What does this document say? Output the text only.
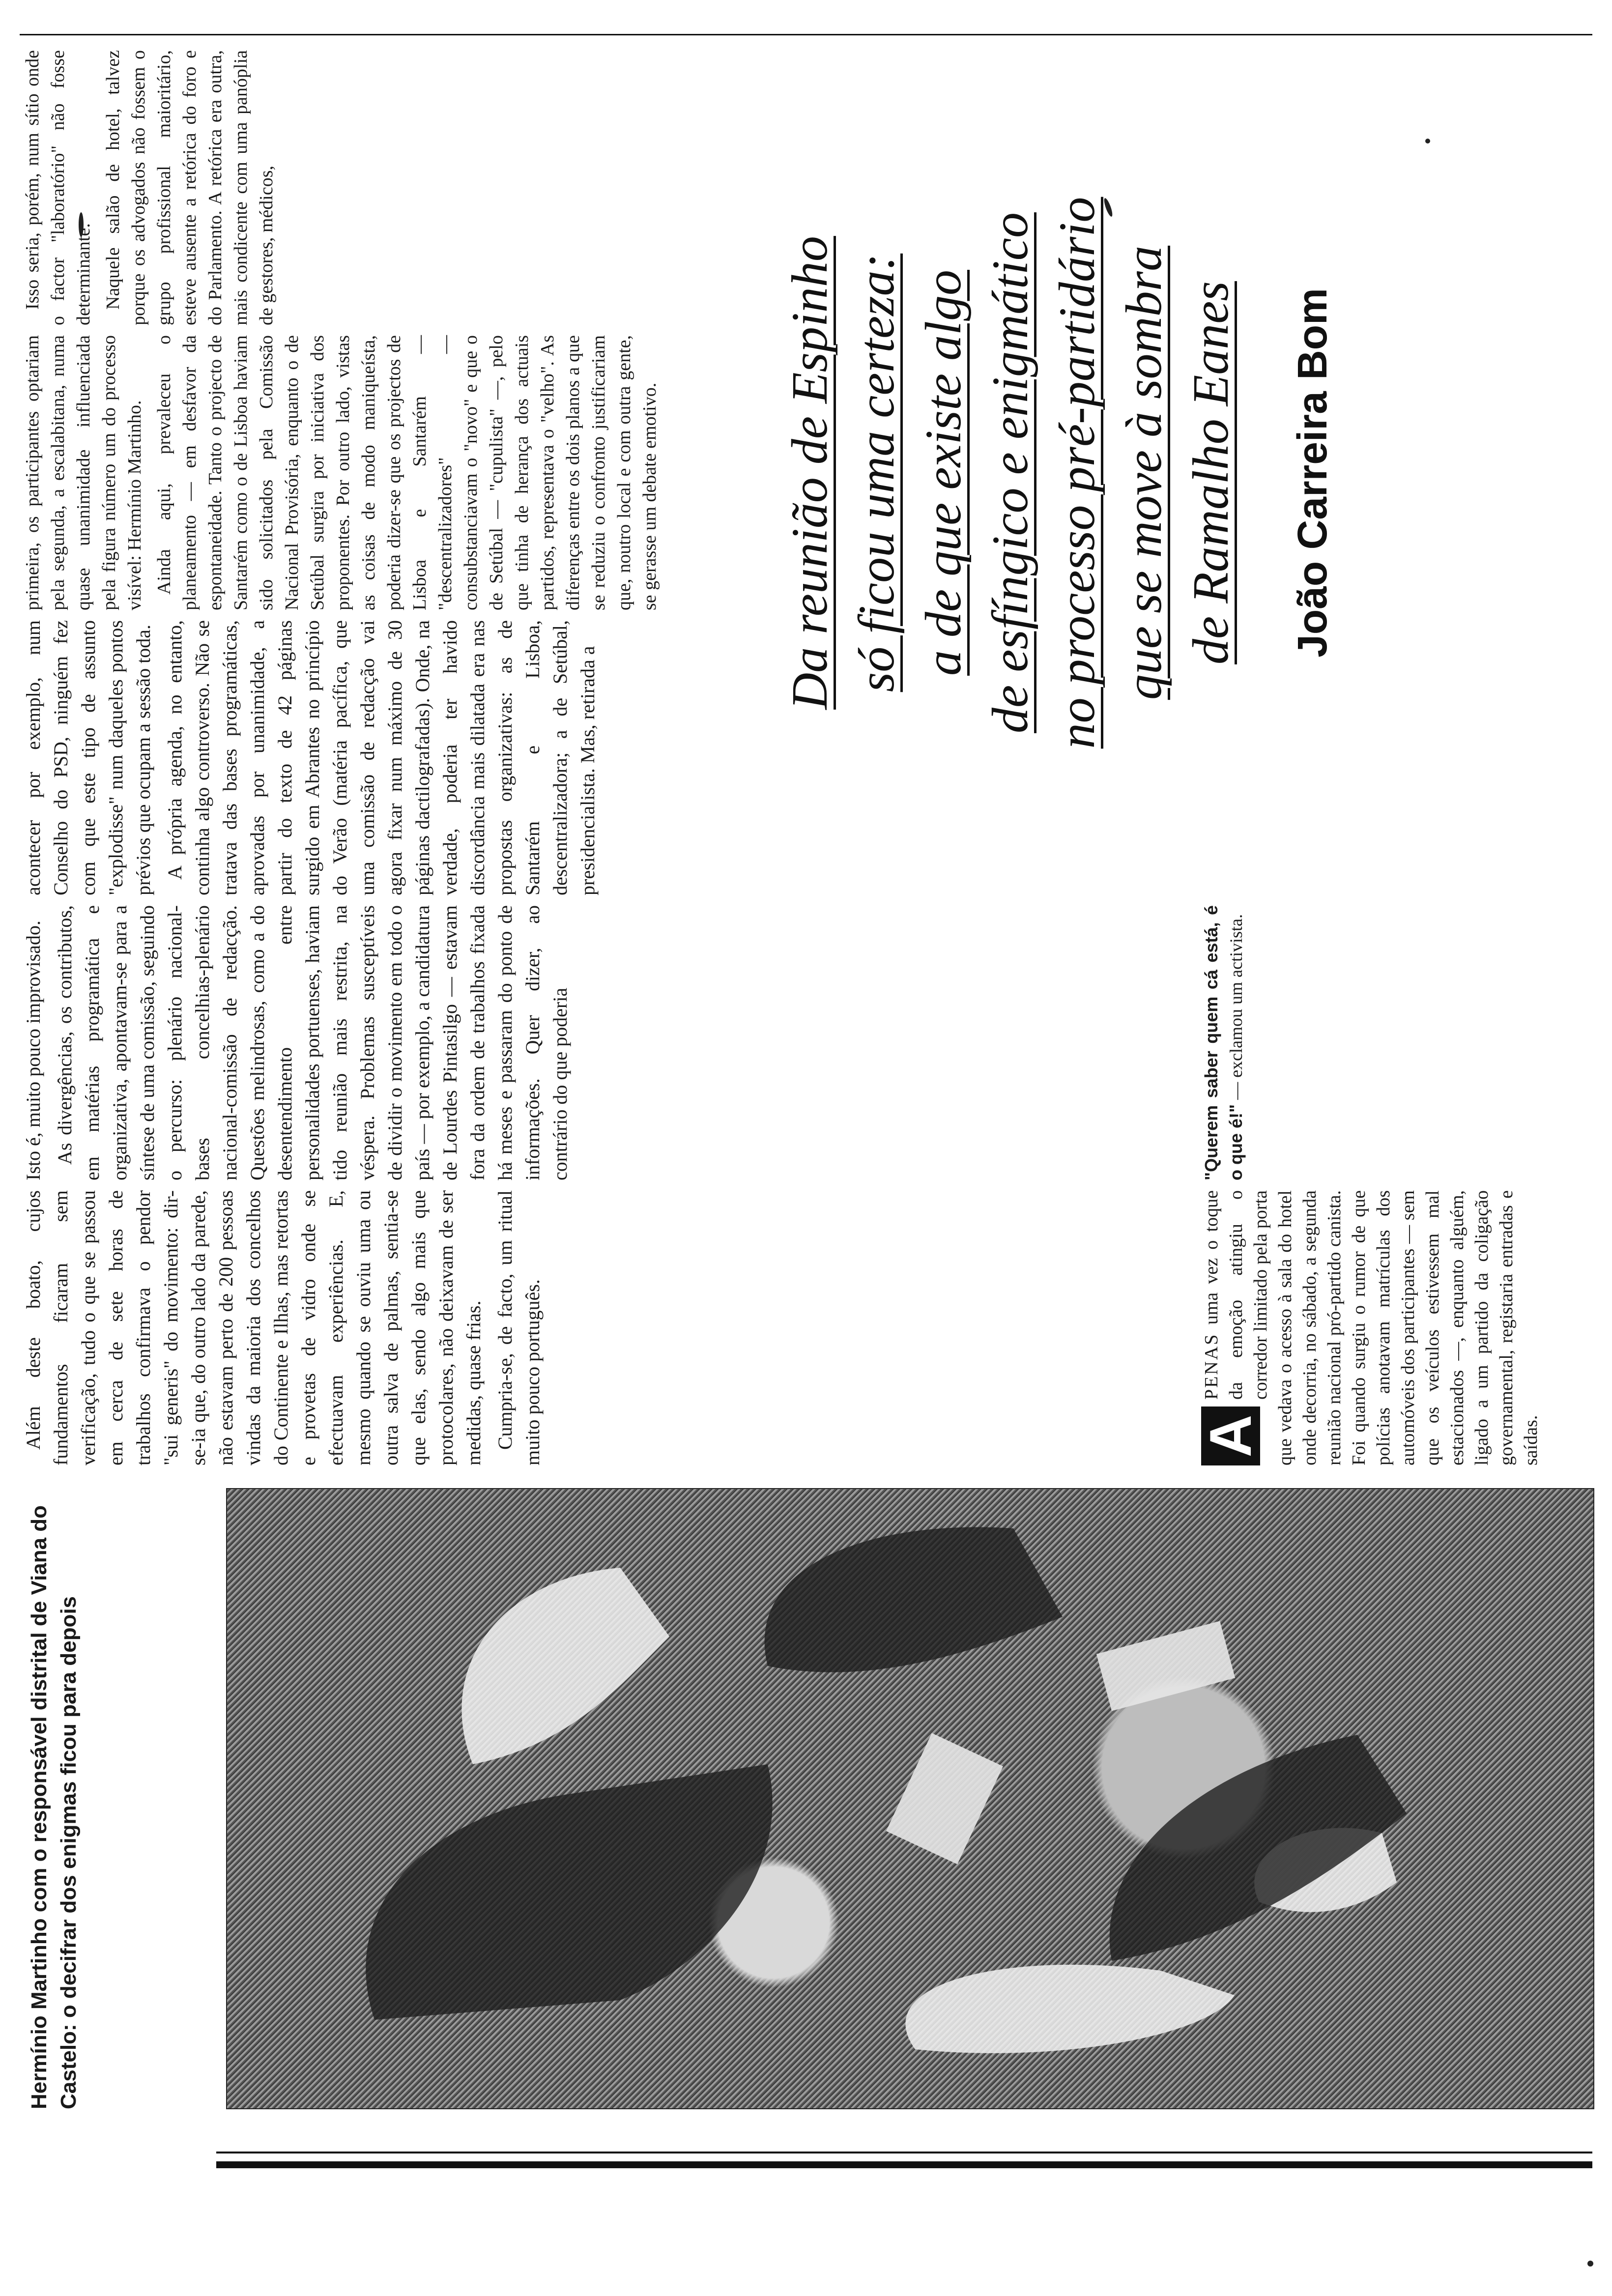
Hermínio Martinho com o responsável distrital de Viana do Castelo: o decifrar dos enigmas ficou para depois

A
PENAS uma vez o toque da emoção atingiu o corredor limitado pela porta que vedava o acesso à sala do hotel onde decorria, no sábado, a segunda reunião nacional pró-partido canista. Foi quando surgiu o rumor de que polícias anotavam matrículas dos automóveis dos participantes — sem que os veículos estivessem mal estacionados —, enquanto alguém, ligado a um partido da coligação governamental, registaria entradas e saídas.

"Querem saber quem cá está, é o que é!" — exclamou um activista.

Além deste boato, cujos fundamentos ficaram sem verificação, tudo o que se passou em cerca de sete horas de trabalhos confirmava o pendor "sui generis" do movimento: dir-se-ia que, do outro lado da parede, não estavam perto de 200 pessoas vindas da maioria dos concelhos do Continente e Ilhas, mas retortas e provetas de vidro onde se efectuavam experiências. E, mesmo quando se ouviu uma ou outra salva de palmas, sentia-se que elas, sendo algo mais que protocolares, não deixavam de ser medidas, quase frias. Cumpria-se, de facto, um ritual muito pouco português.

Isto é, muito pouco improvisado. As divergências, os contributos, em matérias programática e organizativa, apontavam-se para a síntese de uma comissão, seguindo o percurso: plenário nacional-bases concelhias-plenário nacional-comissão de redacção. Questões melindrosas, como a do desentendimento entre personalidades portuenses, haviam tido reunião mais restrita, na véspera. Problemas susceptíveis de dividir o movimento em todo o país — por exemplo, a candidatura de Lourdes Pintasilgo — estavam fora da ordem de trabalhos fixada há meses e passaram do ponto de informações. Quer dizer, ao contrário do que poderia

acontecer por exemplo, num Conselho do PSD, ninguém fez com que este tipo de assunto "explodisse" num daqueles pontos prévios que ocupam a sessão toda. A própria agenda, no entanto, continha algo controverso. Não se tratava das bases programáticas, aprovadas por unanimidade, a partir do texto de 42 páginas surgido em Abrantes no princípio do Verão (matéria pacífica, que uma comissão de redacção vai agora fixar num máximo de 30 páginas dactilografadas). Onde, na verdade, poderia ter havido discordância mais dilatada era nas propostas organizativas: as de Santarém e Lisboa, descentralizadora; a de Setúbal, presidencialista. Mas, retirada a

primeira, os participantes optariam pela segunda, a escalabitana, numa quase unanimidade influenciada pela figura número um do processo visível: Hermínio Martinho. Ainda aqui, prevaleceu o planeamento — em desfavor da espontaneidade. Tanto o projecto de Santarém como o de Lisboa haviam sido solicitados pela Comissão Nacional Provisória, enquanto o de Setúbal surgira por iniciativa dos proponentes. Por outro lado, vistas as coisas de modo maniqueísta, poderia dizer-se que os projectos de Lisboa e Santarém — "descentralizadores" — consubstanciavam o "novo" e que o de Setúbal — "cupulista" —, pelo que tinha de herança dos actuais partidos, representava o "velho". As diferenças entre os dois planos a que se reduziu o confronto justificariam que, noutro local e com outra gente, se gerasse um debate emotivo.

Isso seria, porém, num sítio onde o factor "laboratório" não fosse determinante. Naquele salão de hotel, talvez porque os advogados não fossem o grupo profissional maioritário, esteve ausente a retórica do foro e do Parlamento. A retórica era outra, mais condicente com uma panóplia de gestores, médicos,	Da reunião de Espinho só ficou uma certeza: a de que existe algo de esfíngico e enigmático no processo pré-partidário que se move à sombra de Ramalho Eanes João Carreira Bom
